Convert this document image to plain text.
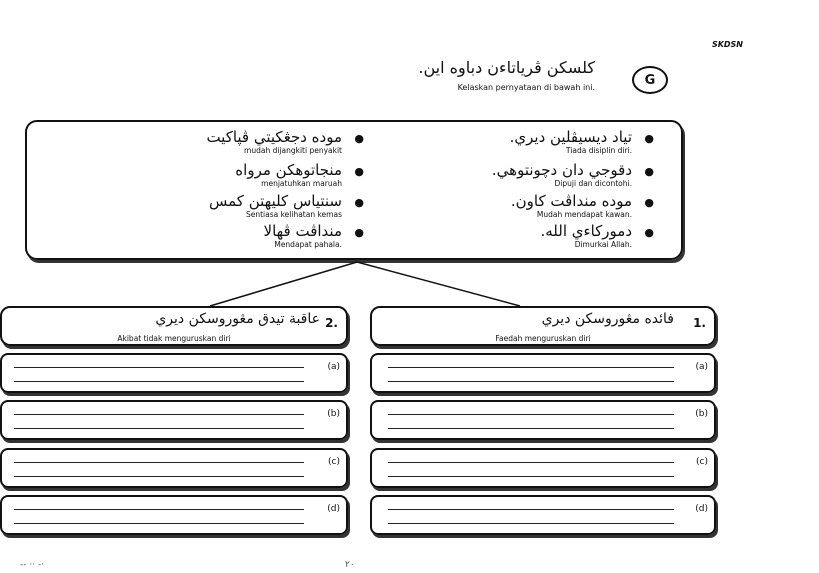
SKDSN
كلسكن ڤرياتاءن دباوه اين.
Kelaskan pernyataan di bawah ini.	G
●
تياد ديسيڤلين ديري.
Tiada disiplin diri.
●
دقوجي دان دچونتوهي.
Dipuji dan dicontohi.
●
موده منداڤت كاون.
Mudah mendapat kawan.
●
دموركاءي الله.
Dimurkai Allah.
●
موده دجڠکيتي ڤڽاکيت
mudah dijangkiti penyakit
●
منجاتوهکن مرواه
menjatuhkan maruah
●
سنتياس کليهتن کمس
Sentiasa kelihatan kemas
●
منداڤت ڤهالا
Mendapat pahala.
فائده مڠوروسکن ديري 1.
Faedah menguruskan diri
عاقبة تيدق مڠوروسکن ديري 2.
Akibat tidak menguruskan diri
(a)
(b)
(c)
(d)
(a)
(b)
(c)
(d)
-- ·· -·	٢٠
